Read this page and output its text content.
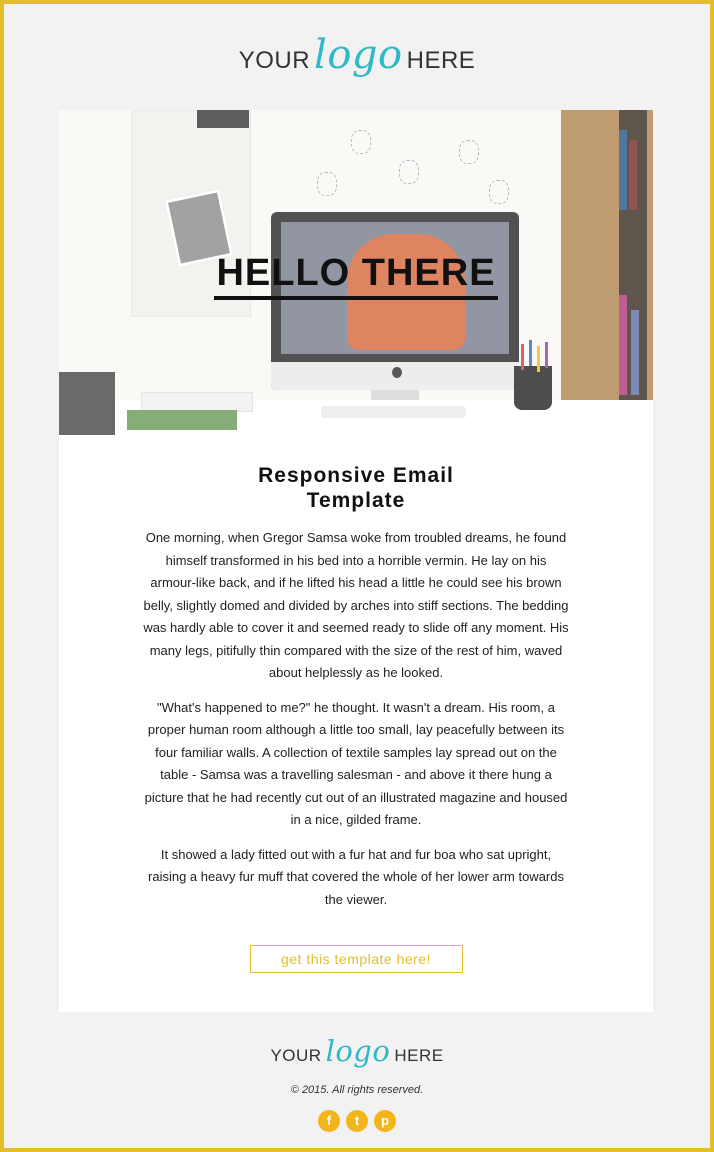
YOUR logo HERE
HELLO THERE
Responsive Email
Template

One morning, when Gregor Samsa woke from troubled dreams, he found himself transformed in his bed into a horrible vermin. He lay on his armour-like back, and if he lifted his head a little he could see his brown belly, slightly domed and divided by arches into stiff sections. The bedding was hardly able to cover it and seemed ready to slide off any moment. His many legs, pitifully thin compared with the size of the rest of him, waved about helplessly as he looked.

"What's happened to me?" he thought. It wasn't a dream. His room, a proper human room although a little too small, lay peacefully between its four familiar walls. A collection of textile samples lay spread out on the table - Samsa was a travelling salesman - and above it there hung a picture that he had recently cut out of an illustrated magazine and housed in a nice, gilded frame.

It showed a lady fitted out with a fur hat and fur boa who sat upright, raising a heavy fur muff that covered the whole of her lower arm towards the viewer.

get this template here!
YOUR logo HERE
© 2015. All rights reserved.
f	t	p
